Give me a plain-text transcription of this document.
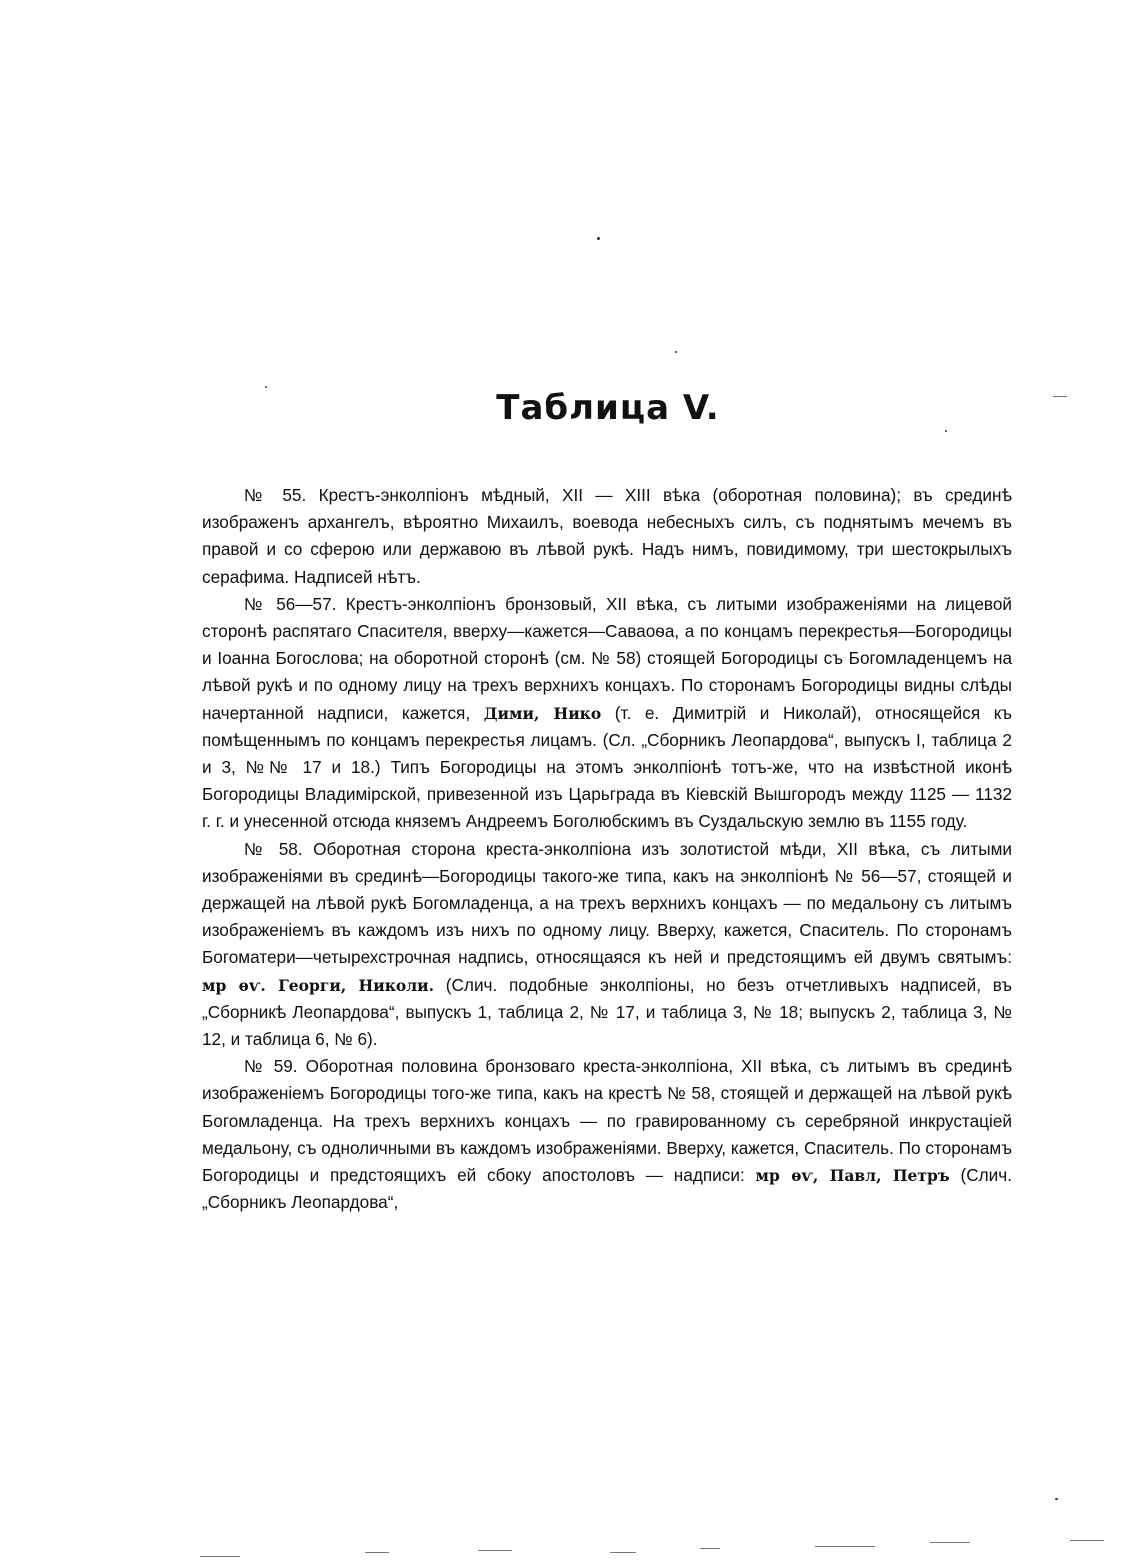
Таблица V.

№ 55. Крестъ-энколпіонъ мѣдный, XII — XIII вѣка (оборотная половина); въ срединѣ изображенъ архангелъ, вѣроятно Михаилъ, воевода небесныхъ силъ, съ поднятымъ мечемъ въ правой и со сферою или державою въ лѣвой рукѣ. Надъ нимъ, повидимому, три шестокрылыхъ серафима. Надписей нѣтъ.

№ 56—57. Крестъ-энколпіонъ бронзовый, XII вѣка, съ литыми изображеніями на лицевой сторонѣ распятаго Спасителя, вверху—кажется—Саваоѳа, а по концамъ перекрестья—Богородицы и Іоанна Богослова; на оборотной сторонѣ (см. № 58) стоящей Богородицы съ Богомладенцемъ на лѣвой рукѣ и по одному лицу на трехъ верхнихъ концахъ. По сторонамъ Богородицы видны слѣды начертанной надписи, кажется, Дими, Нико (т. е. Димитрій и Николай), относящейся къ помѣщеннымъ по концамъ перекрестья лицамъ. (Сл. „Сборникъ Леопардова“, выпускъ I, таблица 2 и 3, №№ 17 и 18.) Типъ Богородицы на этомъ энколпіонѣ тотъ-же, что на извѣстной иконѣ Богородицы Владимірской, привезенной изъ Царьграда въ Кіевскій Вышгородъ между 1125 — 1132 г. г. и унесенной отсюда княземъ Андреемъ Боголюбскимъ въ Суздальскую землю въ 1155 году.

№ 58. Оборотная сторона креста-энколпіона изъ золотистой мѣди, XII вѣка, съ литыми изображеніями въ срединѣ—Богородицы такого-же типа, какъ на энколпіонѣ № 56—57, стоящей и держащей на лѣвой рукѣ Богомладенца, а на трехъ верхнихъ концахъ — по медальону съ литымъ изображеніемъ въ каждомъ изъ нихъ по одному лицу. Вверху, кажется, Спаситель. По сторонамъ Богоматери—четырехстрочная надпись, относящаяся къ ней и предстоящимъ ей двумъ святымъ: мр ѳѵ. Георги, Николи. (Слич. подобные энколпіоны, но безъ отчетливыхъ надписей, въ „Сборникѣ Леопардова“, выпускъ 1, таблица 2, № 17, и таблица 3, № 18; выпускъ 2, таблица 3, № 12, и таблица 6, № 6).

№ 59. Оборотная половина бронзоваго креста-энколпіона, XII вѣка, съ литымъ въ срединѣ изображеніемъ Богородицы того-же типа, какъ на крестѣ № 58, стоящей и держащей на лѣвой рукѣ Богомладенца. На трехъ верхнихъ концахъ — по гравированному съ серебряной инкрустаціей медальону, съ одноличными въ каждомъ изображеніями. Вверху, кажется, Спаситель. По сторонамъ Богородицы и предстоящихъ ей сбоку апостоловъ — надписи: мр ѳѵ, Павл, Петръ (Слич. „Сборникъ Леопардова“,
